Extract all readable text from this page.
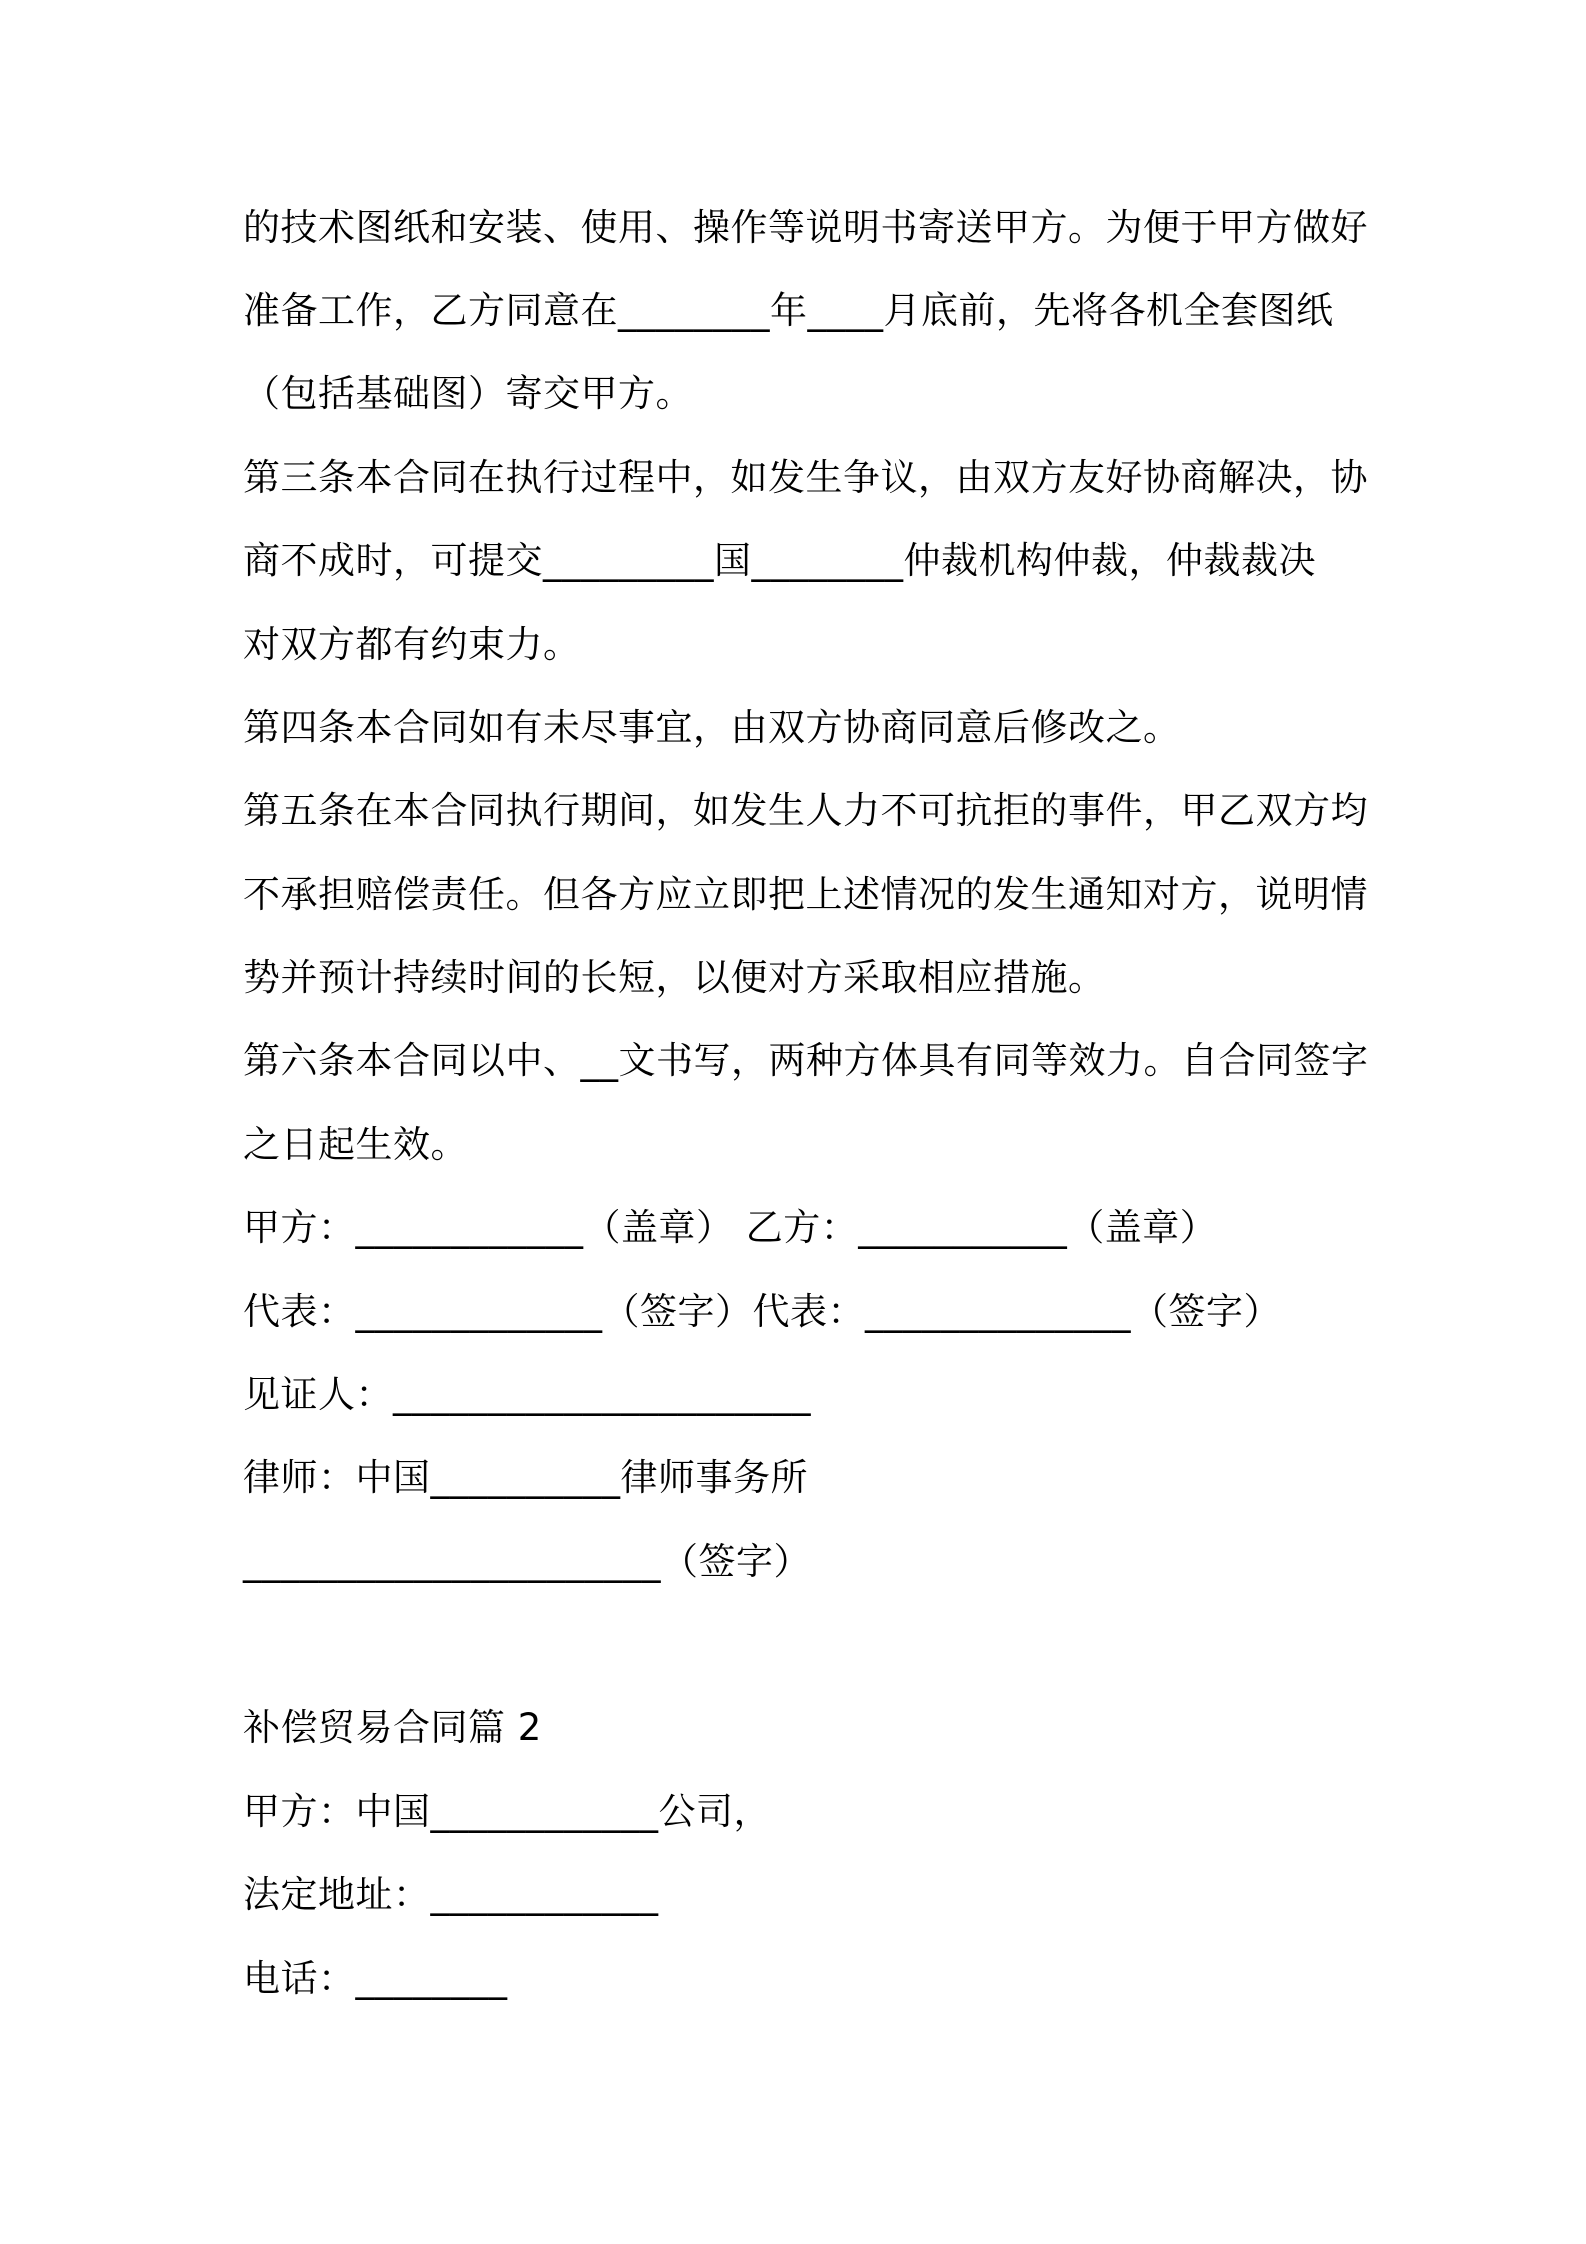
的技术图纸和安装、使用、操作等说明书寄送甲方。为便于甲方做好
准备工作，乙方同意在________年____月底前，先将各机全套图纸
（包括基础图）寄交甲方。
第三条本合同在执行过程中，如发生争议，由双方友好协商解决，协
商不成时，可提交_________国________仲裁机构仲裁，仲裁裁决
对双方都有约束力。
第四条本合同如有未尽事宜，由双方协商同意后修改之。
第五条在本合同执行期间，如发生人力不可抗拒的事件，甲乙双方均
不承担赔偿责任。但各方应立即把上述情况的发生通知对方，说明情
势并预计持续时间的长短，以便对方采取相应措施。
第六条本合同以中、__文书写，两种方体具有同等效力。自合同签字
之日起生效。
甲方：____________（盖章） 乙方：___________（盖章）
代表：_____________（签字）代表：______________（签字）
见证人：______________________
律师：中国__________律师事务所
______________________（签字）
补偿贸易合同篇 2
甲方：中国____________公司，
法定地址：____________
电话：________
